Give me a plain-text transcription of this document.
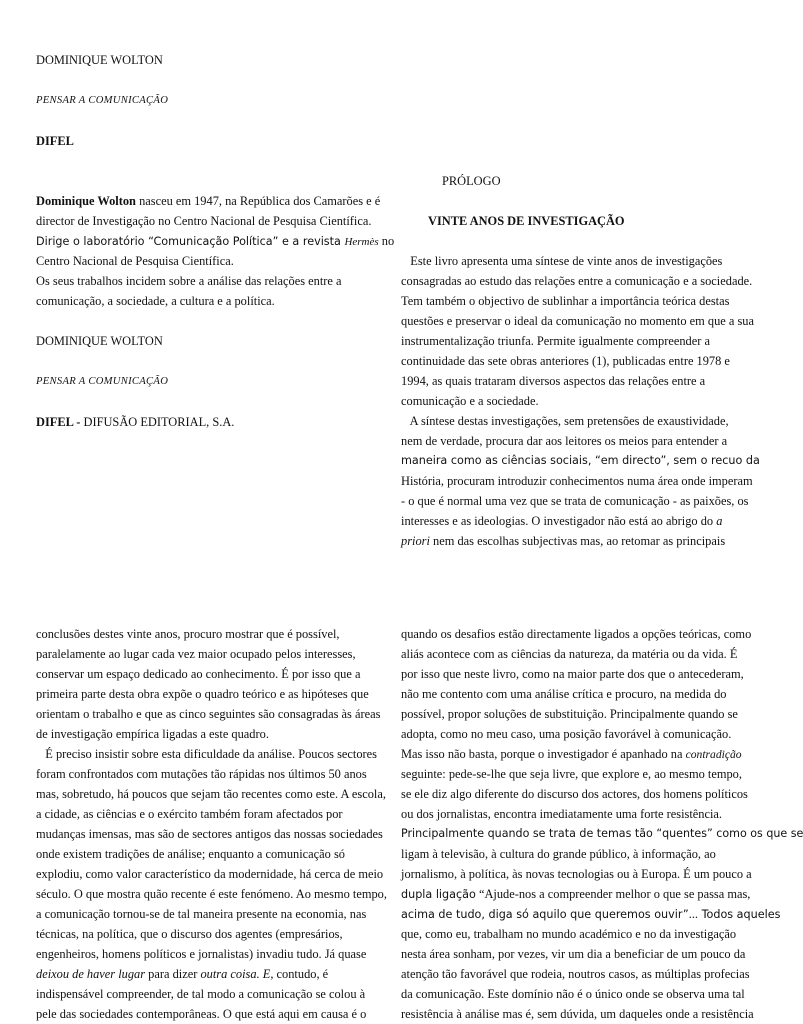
DOMINIQUE WOLTON
PENSAR A COMUNICAÇÃO
DIFEL
Dominique Wolton nasceu em 1947, na República dos Camarões e é
director de Investigação no Centro Nacional de Pesquisa Científica.
Dirige o laboratório “Comunicação Política” e a revista Hermès no
Centro Nacional de Pesquisa Científica.
Os seus trabalhos incidem sobre a análise das relações entre a
comunicação, a sociedade, a cultura e a política.
DOMINIQUE WOLTON
PENSAR A COMUNICAÇÃO
DIFEL - DIFUSÃO EDITORIAL, S.A.
PRÓLOGO
VINTE ANOS DE INVESTIGAÇÃO
Este livro apresenta uma síntese de vinte anos de investigações
consagradas ao estudo das relações entre a comunicação e a sociedade.
Tem também o objectivo de sublinhar a importância teórica destas
questões e preservar o ideal da comunicação no momento em que a sua
instrumentalização triunfa. Permite igualmente compreender a
continuidade das sete obras anteriores (1), publicadas entre 1978 e
1994, as quais trataram diversos aspectos das relações entre a
comunicação e a sociedade.
A síntese destas investigações, sem pretensões de exaustividade,
nem de verdade, procura dar aos leitores os meios para entender a
maneira como as ciências sociais, “em directo”, sem o recuo da
História, procuram introduzir conhecimentos numa área onde imperam
- o que é normal uma vez que se trata de comunicação - as paixões, os
interesses e as ideologias. O investigador não está ao abrigo do a
priori nem das escolhas subjectivas mas, ao retomar as principais
conclusões destes vinte anos, procuro mostrar que é possível,
paralelamente ao lugar cada vez maior ocupado pelos interesses,
conservar um espaço dedicado ao conhecimento. É por isso que a
primeira parte desta obra expõe o quadro teórico e as hipóteses que
orientam o trabalho e que as cinco seguintes são consagradas às áreas
de investigação empírica ligadas a este quadro.
É preciso insistir sobre esta dificuldade da análise. Poucos sectores
foram confrontados com mutações tão rápidas nos últimos 50 anos
mas, sobretudo, há poucos que sejam tão recentes como este. A escola,
a cidade, as ciências e o exército também foram afectados por
mudanças imensas, mas são de sectores antigos das nossas sociedades
onde existem tradições de análise; enquanto a comunicação só
explodiu, como valor característico da modernidade, há cerca de meio
século. O que mostra quão recente é este fenómeno. Ao mesmo tempo,
a comunicação tornou-se de tal maneira presente na economia, nas
técnicas, na política, que o discurso dos agentes (empresários,
engenheiros, homens políticos e jornalistas) invadiu tudo. Já quase
deixou de haver lugar para dizer outra coisa. E, contudo, é
indispensável compreender, de tal modo a comunicação se colou à
pele das sociedades contemporâneas. O que está aqui em causa é o
quando os desafios estão directamente ligados a opções teóricas, como
aliás acontece com as ciências da natureza, da matéria ou da vida. É
por isso que neste livro, como na maior parte dos que o antecederam,
não me contento com uma análise crítica e procuro, na medida do
possível, propor soluções de substituição. Principalmente quando se
adopta, como no meu caso, uma posição favorável à comunicação.
Mas isso não basta, porque o investigador é apanhado na contradição
seguinte: pede-se-lhe que seja livre, que explore e, ao mesmo tempo,
se ele diz algo diferente do discurso dos actores, dos homens políticos
ou dos jornalistas, encontra imediatamente uma forte resistência.
Principalmente quando se trata de temas tão “quentes” como os que se
ligam à televisão, à cultura do grande público, à informação, ao
jornalismo, à política, às novas tecnologias ou à Europa. É um pouco a
dupla ligação “Ajude-nos a compreender melhor o que se passa mas,
acima de tudo, diga só aquilo que queremos ouvir”... Todos aqueles
que, como eu, trabalham no mundo académico e no da investigação
nesta área sonham, por vezes, vir um dia a beneficiar de um pouco da
atenção tão favorável que rodeia, noutros casos, as múltiplas profecias
da comunicação. Este domínio não é o único onde se observa uma tal
resistência à análise mas é, sem dúvida, um daqueles onde a resistência
